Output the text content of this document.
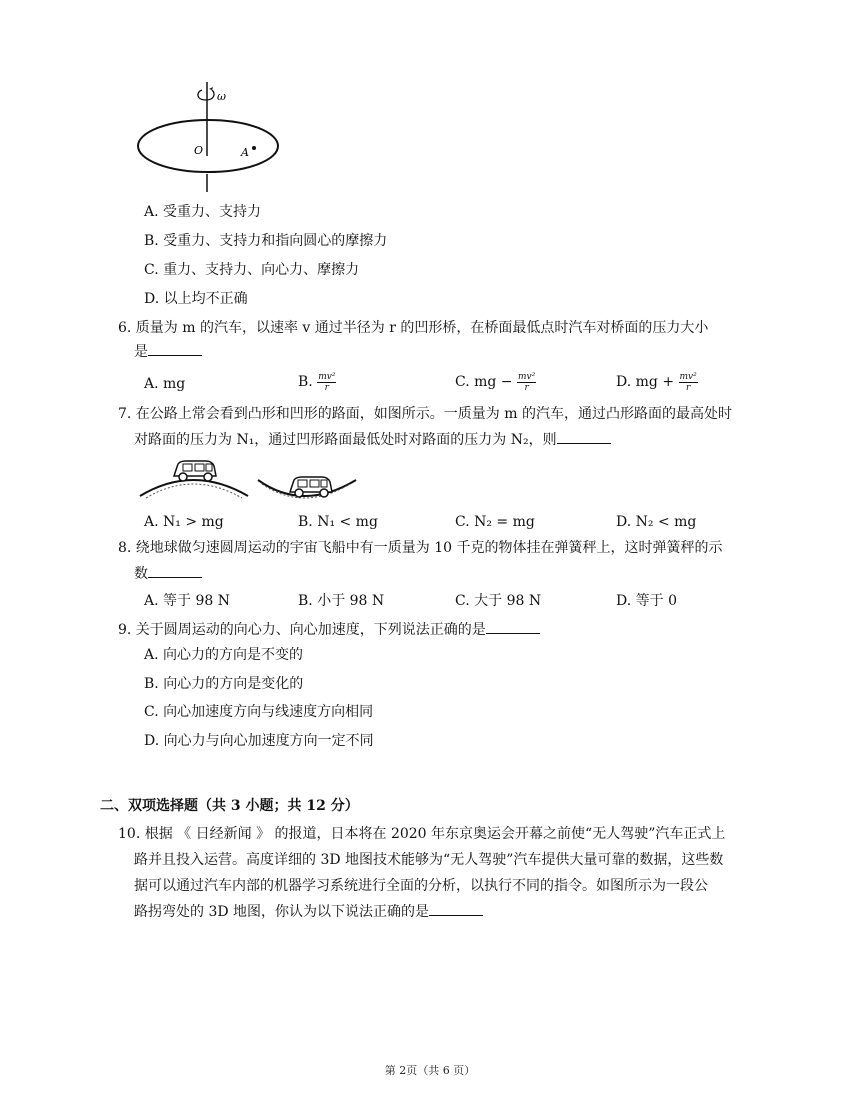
ω
O	A
A. 受重力、支持力
B. 受重力、支持力和指向圆心的摩擦力
C. 重力、支持力、向心力、摩擦力
D. 以上均不正确
6. 质量为 m 的汽车，以速率 v 通过半径为 r 的凹形桥，在桥面最低点时汽车对桥面的压力大小
是
A. mg	B. $\frac{\text{mv²}}{r}$	C. mg − $\frac{\text{mv²}}{r}$	D. mg + $\frac{\text{mv²}}{r}$
7. 在公路上常会看到凸形和凹形的路面，如图所示。一质量为 m 的汽车，通过凸形路面的最高处时
对路面的压力为 N₁，通过凹形路面最低处时对路面的压力为 N₂，则
A. N₁ > mg	B. N₁ < mg	C. N₂ = mg	D. N₂ < mg
8. 绕地球做匀速圆周运动的宇宙飞船中有一质量为 10 千克的物体挂在弹簧秤上，这时弹簧秤的示
数
A. 等于 98 N	B. 小于 98 N	C. 大于 98 N	D. 等于 0
9. 关于圆周运动的向心力、向心加速度，下列说法正确的是
A. 向心力的方向是不变的
B. 向心力的方向是变化的
C. 向心加速度方向与线速度方向相同
D. 向心力与向心加速度方向一定不同
二、双项选择题（共 3 小题；共 12 分）
10. 根据 《 日经新闻 》 的报道，日本将在 2020 年东京奥运会开幕之前使“无人驾驶”汽车正式上
路并且投入运营。高度详细的 3D 地图技术能够为“无人驾驶”汽车提供大量可靠的数据，这些数
据可以通过汽车内部的机器学习系统进行全面的分析，以执行不同的指令。如图所示为一段公
路拐弯处的 3D 地图，你认为以下说法正确的是
第 2页（共 6 页）
